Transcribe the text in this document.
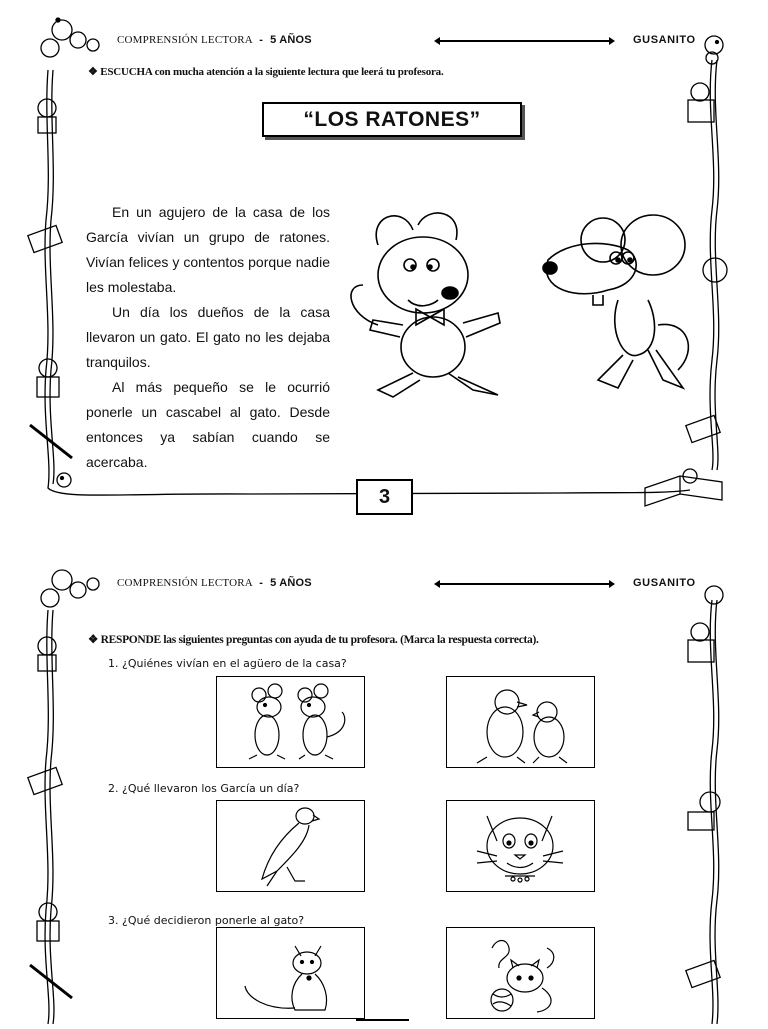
COMPRENSIÓN LECTORA - 5 AÑOS	GUSANITO
❖ ESCUCHA con mucha atención a la siguiente lectura que leerá tu profesora.
“LOS RATONES”

En un agujero de la casa de los García vivían un grupo de ratones. Vivían felices y contentos porque nadie les molestaba.

Un día los dueños de la casa llevaron un gato. El gato no les dejaba tranquilos.

Al más pequeño se le ocurrió ponerle un cascabel al gato. Desde entonces ya sabían cuando se acercaba.

3
COMPRENSIÓN LECTORA - 5 AÑOS	GUSANITO
❖ RESPONDE las siguientes preguntas con ayuda de tu profesora. (Marca la respuesta correcta).
1. ¿Quiénes vivían en el agüero de la casa?
2. ¿Qué llevaron los García un día?
3. ¿Qué decidieron ponerle al gato?
